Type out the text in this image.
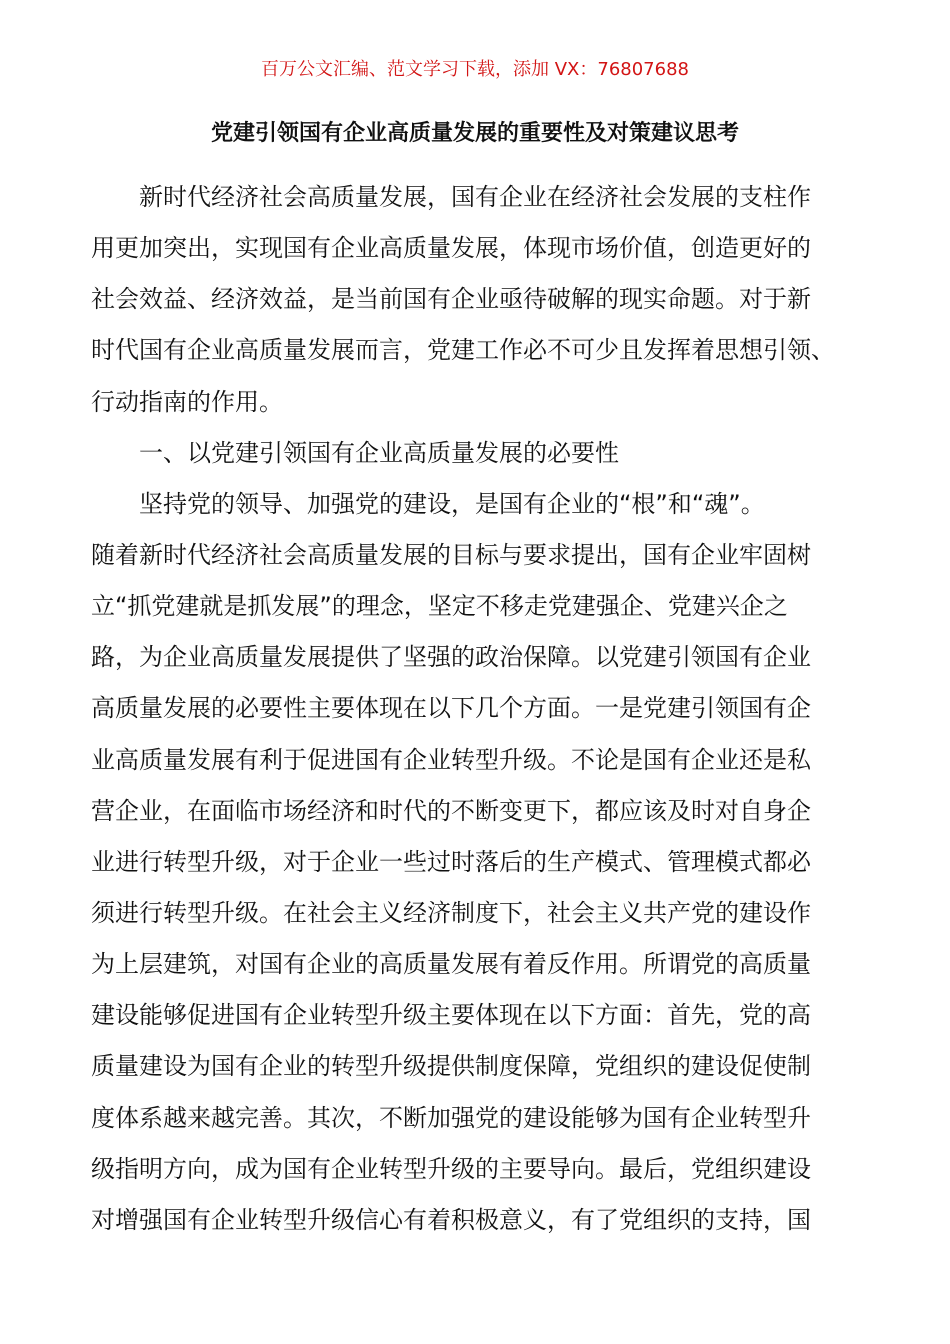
百万公文汇编、范文学习下载，添加 VX：76807688
党建引领国有企业高质量发展的重要性及对策建议思考
新时代经济社会高质量发展，国有企业在经济社会发展的支柱作
用更加突出，实现国有企业高质量发展，体现市场价值，创造更好的
社会效益、经济效益，是当前国有企业亟待破解的现实命题。对于新
时代国有企业高质量发展而言，党建工作必不可少且发挥着思想引领、
行动指南的作用。
一、以党建引领国有企业高质量发展的必要性
坚持党的领导、加强党的建设，是国有企业的“根”和“魂”。
随着新时代经济社会高质量发展的目标与要求提出，国有企业牢固树
立“抓党建就是抓发展”的理念，坚定不移走党建强企、党建兴企之
路，为企业高质量发展提供了坚强的政治保障。以党建引领国有企业
高质量发展的必要性主要体现在以下几个方面。一是党建引领国有企
业高质量发展有利于促进国有企业转型升级。不论是国有企业还是私
营企业，在面临市场经济和时代的不断变更下，都应该及时对自身企
业进行转型升级，对于企业一些过时落后的生产模式、管理模式都必
须进行转型升级。在社会主义经济制度下，社会主义共产党的建设作
为上层建筑，对国有企业的高质量发展有着反作用。所谓党的高质量
建设能够促进国有企业转型升级主要体现在以下方面：首先，党的高
质量建设为国有企业的转型升级提供制度保障，党组织的建设促使制
度体系越来越完善。其次，不断加强党的建设能够为国有企业转型升
级指明方向，成为国有企业转型升级的主要导向。最后，党组织建设
对增强国有企业转型升级信心有着积极意义，有了党组织的支持，国
